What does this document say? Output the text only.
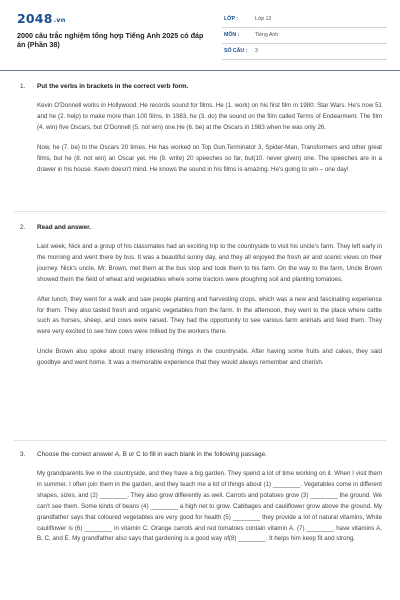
2048.vn
2000 câu trắc nghiệm tổng hợp Tiếng Anh 2025 có đáp án (Phần 38)
LỚP :	Lớp 12
MÔN :	Tiếng Anh
SỐ CÂU : 3
1. Put the verbs in brackets in the correct verb form.

Kevin O'Donnell works in Hollywood. He records sound for films. He (1. work) on his first film in 1980: Star Wars. He's now 51 and he (2. help) to make more than 100 films. In 1983, he (3. do) the sound on the film called Terms of Endearment. The film (4. win) five Oscars, but O'Donnell (5. not win) one.He (6. be) at the Oscars in 1983 when he was only 26.

Now, he (7. be) to the Oscars 20 times. He has worked on Top Gun,Terminator 3, Spider-Man, Transformers and other great films, but he (8. not win) an Oscar yet. He (9. write) 20 speeches so far, but(10. never given) one. The speeches are in a drawer in his house. Kevin doesn't mind. He knows the sound in his films is amazing. He's going to win – one day!

2. Read and answer.

Last week, Nick and a group of his classmates had an exciting trip to the countryside to visit his uncle's farm. They left early in the morning and went there by bus. It was a beautiful sunny day, and they all enjoyed the fresh air and scenic views on their journey. Nick's uncle, Mr. Brown, met them at the bus stop and took them to his farm. On the way to the farm, Uncle Brown showed them the field of wheat and vegetables where some tractors were ploughing soil and planting tomatoes.

After lunch, they went for a walk and saw people planting and harvesting crops, which was a new and fascinating experience for them. They also tasted fresh and organic vegetables from the farm. In the afternoon, they went to the place where cattle such as horses, sheep, and cows were raised. They had the opportunity to see various farm animals and feed them. They were very excited to see how cows were milked by the workers there.

Uncle Brown also spoke about many interesting things in the countryside. After having some fruits and cakes, they said goodbye and went home. It was a memorable experience that they would always remember and cherish.

3. Choose the correct answer A, B or C to fill in each blank in the following passage.

My grandparents live in the countryside, and they have a big garden. They spend a lot of time working on it. When I visit them in summer. I often join them in the garden, and they teach me a lot of things about (1) ________. Vegetables come in different shapes, sizes, and (2) ________. They also grow differently as well. Carrots and potatoes grow (3) ________ the ground. We can't see them. Some kinds of beans (4) ________ a high net to grow. Cabbages and cauliflower grow above the ground. My grandfather says that coloured vegetables are very good for health (5) ________ they provide a lot of natural vitamins, White cauliflower is (6) ________ in vitamin C. Orange carrots and red tomatoes contain vitamin A. (7) ________ have vitamins A, B, C, and E. My grandfather also says that gardening is a good way of(8) ________. It helps him keep fit and strong.
